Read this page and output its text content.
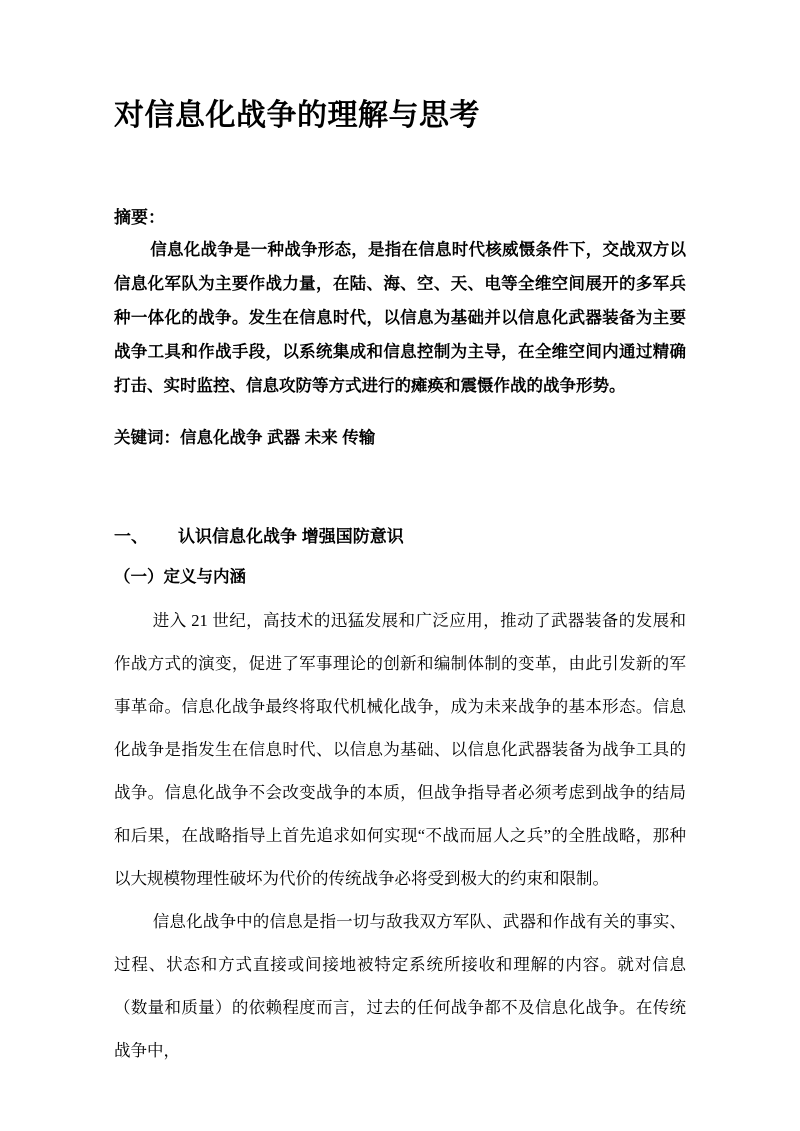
对信息化战争的理解与思考
摘要：

信息化战争是一种战争形态，是指在信息时代核威慑条件下，交战双方以信息化军队为主要作战力量，在陆、海、空、天、电等全维空间展开的多军兵种一体化的战争。发生在信息时代，以信息为基础并以信息化武器装备为主要战争工具和作战手段，以系统集成和信息控制为主导，在全维空间内通过精确打击、实时监控、信息攻防等方式进行的瘫痪和震慑作战的战争形势。

关键词：信息化战争 武器 未来 传输
一、 认识信息化战争 增强国防意识
（一）定义与内涵

进入 21 世纪，高技术的迅猛发展和广泛应用，推动了武器装备的发展和作战方式的演变，促进了军事理论的创新和编制体制的变革，由此引发新的军事革命。信息化战争最终将取代机械化战争，成为未来战争的基本形态。信息化战争是指发生在信息时代、以信息为基础、以信息化武器装备为战争工具的战争。信息化战争不会改变战争的本质，但战争指导者必须考虑到战争的结局和后果，在战略指导上首先追求如何实现“不战而屈人之兵”的全胜战略，那种以大规模物理性破坏为代价的传统战争必将受到极大的约束和限制。

信息化战争中的信息是指一切与敌我双方军队、武器和作战有关的事实、过程、状态和方式直接或间接地被特定系统所接收和理解的内容。就对信息（数量和质量）的依赖程度而言，过去的任何战争都不及信息化战争。在传统战争中，
